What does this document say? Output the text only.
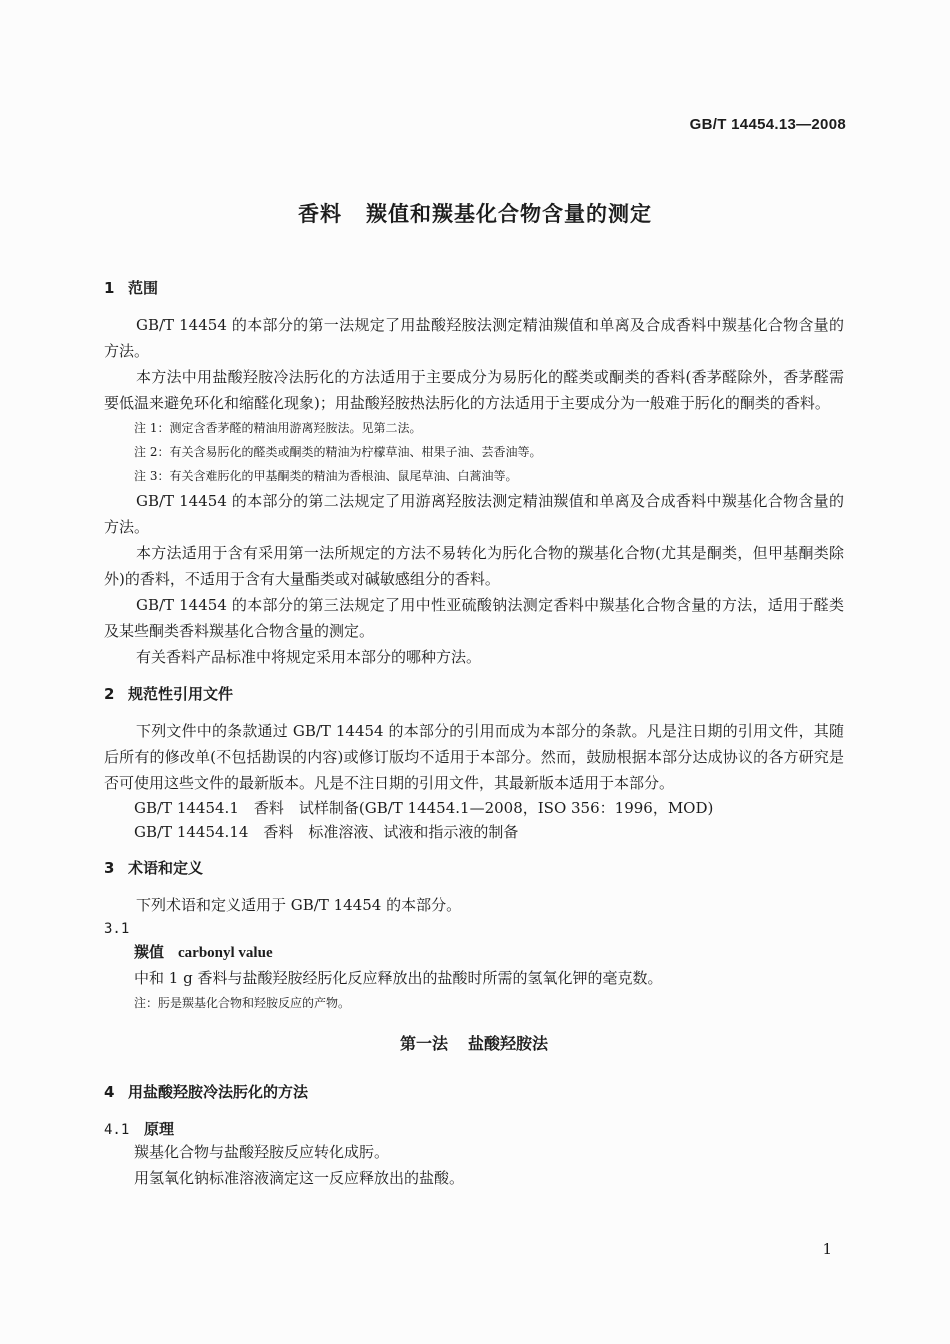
GB/T 14454.13—2008
香料 羰值和羰基化合物含量的测定
1 范围

GB/T 14454 的本部分的第一法规定了用盐酸羟胺法测定精油羰值和单离及合成香料中羰基化合物含量的方法。

本方法中用盐酸羟胺冷法肟化的方法适用于主要成分为易肟化的醛类或酮类的香料(香茅醛除外，香茅醛需要低温来避免环化和缩醛化现象)；用盐酸羟胺热法肟化的方法适用于主要成分为一般难于肟化的酮类的香料。

注 1：测定含香茅醛的精油用游离羟胺法。见第二法。

注 2：有关含易肟化的醛类或酮类的精油为柠檬草油、柑果子油、芸香油等。

注 3：有关含难肟化的甲基酮类的精油为香根油、鼠尾草油、白蒿油等。

GB/T 14454 的本部分的第二法规定了用游离羟胺法测定精油羰值和单离及合成香料中羰基化合物含量的方法。

本方法适用于含有采用第一法所规定的方法不易转化为肟化合物的羰基化合物(尤其是酮类，但甲基酮类除外)的香料，不适用于含有大量酯类或对碱敏感组分的香料。

GB/T 14454 的本部分的第三法规定了用中性亚硫酸钠法测定香料中羰基化合物含量的方法，适用于醛类及某些酮类香料羰基化合物含量的测定。

有关香料产品标准中将规定采用本部分的哪种方法。

2 规范性引用文件

下列文件中的条款通过 GB/T 14454 的本部分的引用而成为本部分的条款。凡是注日期的引用文件，其随后所有的修改单(不包括勘误的内容)或修订版均不适用于本部分。然而，鼓励根据本部分达成协议的各方研究是否可使用这些文件的最新版本。凡是不注日期的引用文件，其最新版本适用于本部分。

GB/T 14454.1　香料　试样制备(GB/T 14454.1—2008，ISO 356：1996，MOD)

GB/T 14454.14　香料　标准溶液、试液和指示液的制备

3 术语和定义

下列术语和定义适用于 GB/T 14454 的本部分。

3.1

羰值 carbonyl value

中和 1 g 香料与盐酸羟胺经肟化反应释放出的盐酸时所需的氢氧化钾的毫克数。

注：肟是羰基化合物和羟胺反应的产物。

第一法 盐酸羟胺法

4 用盐酸羟胺冷法肟化的方法
4.1 原理

羰基化合物与盐酸羟胺反应转化成肟。

用氢氧化钠标准溶液滴定这一反应释放出的盐酸。

1
